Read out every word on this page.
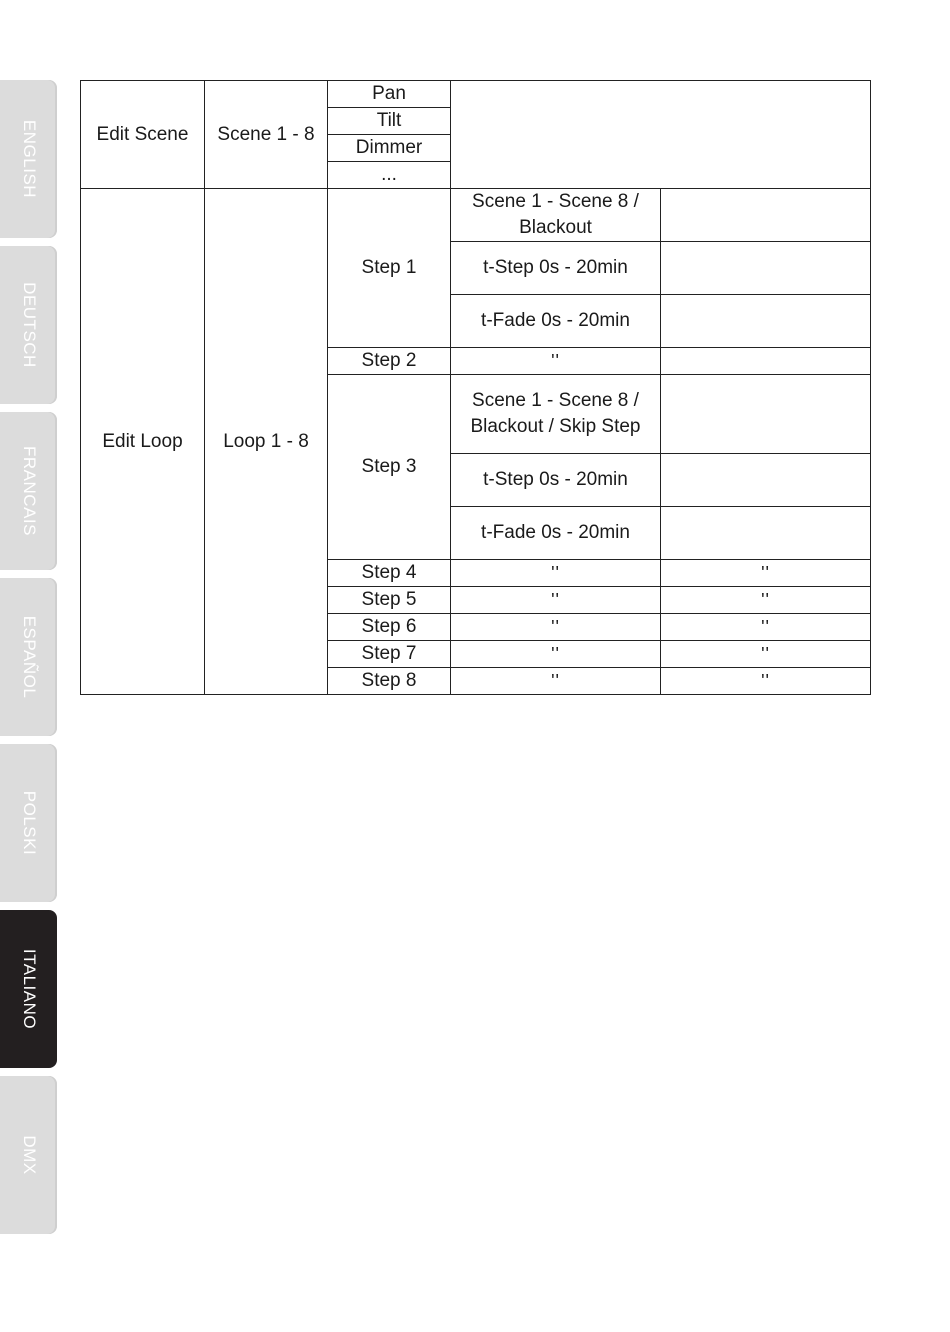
ENGLISH
DEUTSCH
FRANCAIS
ESPAÑOL
POLSKI
ITALIANO
DMX
Edit Scene	Scene 1 - 8	Pan		
		Tilt		
		Dimmer		
		...		
Edit Loop	Loop 1 - 8	Step 1	Scene 1 - Scene 8 / Blackout	
			t-Step 0s - 20min	
			t-Fade 0s - 20min	
		Step 2	''	
		Step 3	Scene 1 - Scene 8 / Blackout / Skip Step	
			t-Step 0s - 20min	
			t-Fade 0s - 20min	
		Step 4	''	''
		Step 5	''	''
		Step 6	''	''
		Step 7	''	''
		Step 8	''	''
